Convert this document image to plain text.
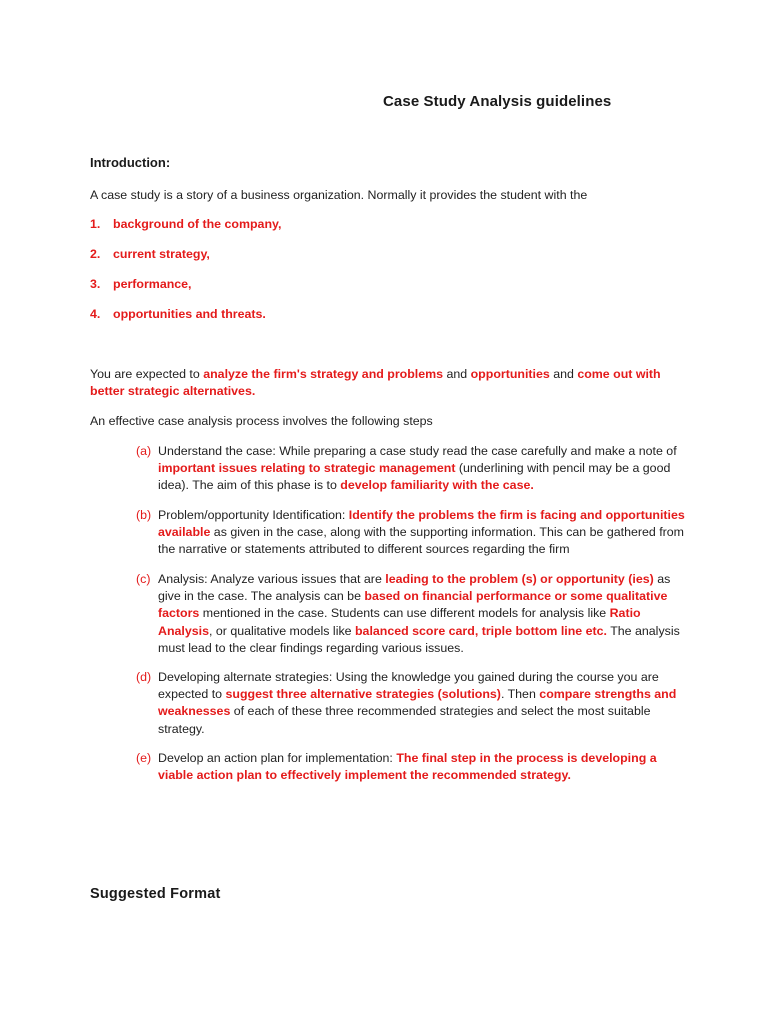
Case Study Analysis guidelines
Introduction:
A case study is a story of a business organization. Normally it provides the student with the
1. background of the company,
2. current strategy,
3. performance,
4. opportunities and threats.
You are expected to analyze the firm's strategy and problems and opportunities and come out with better strategic alternatives.
An effective case analysis process involves the following steps
(a) Understand the case: While preparing a case study read the case carefully and make a note of important issues relating to strategic management (underlining with pencil may be a good idea). The aim of this phase is to develop familiarity with the case.
(b) Problem/opportunity Identification: Identify the problems the firm is facing and opportunities available as given in the case, along with the supporting information. This can be gathered from the narrative or statements attributed to different sources regarding the firm
(c) Analysis: Analyze various issues that are leading to the problem (s) or opportunity (ies) as give in the case. The analysis can be based on financial performance or some qualitative factors mentioned in the case. Students can use different models for analysis like Ratio Analysis, or qualitative models like balanced score card, triple bottom line etc. The analysis must lead to the clear findings regarding various issues.
(d) Developing alternate strategies: Using the knowledge you gained during the course you are expected to suggest three alternative strategies (solutions). Then compare strengths and weaknesses of each of these three recommended strategies and select the most suitable strategy.
(e) Develop an action plan for implementation: The final step in the process is developing a viable action plan to effectively implement the recommended strategy.
Suggested Format
